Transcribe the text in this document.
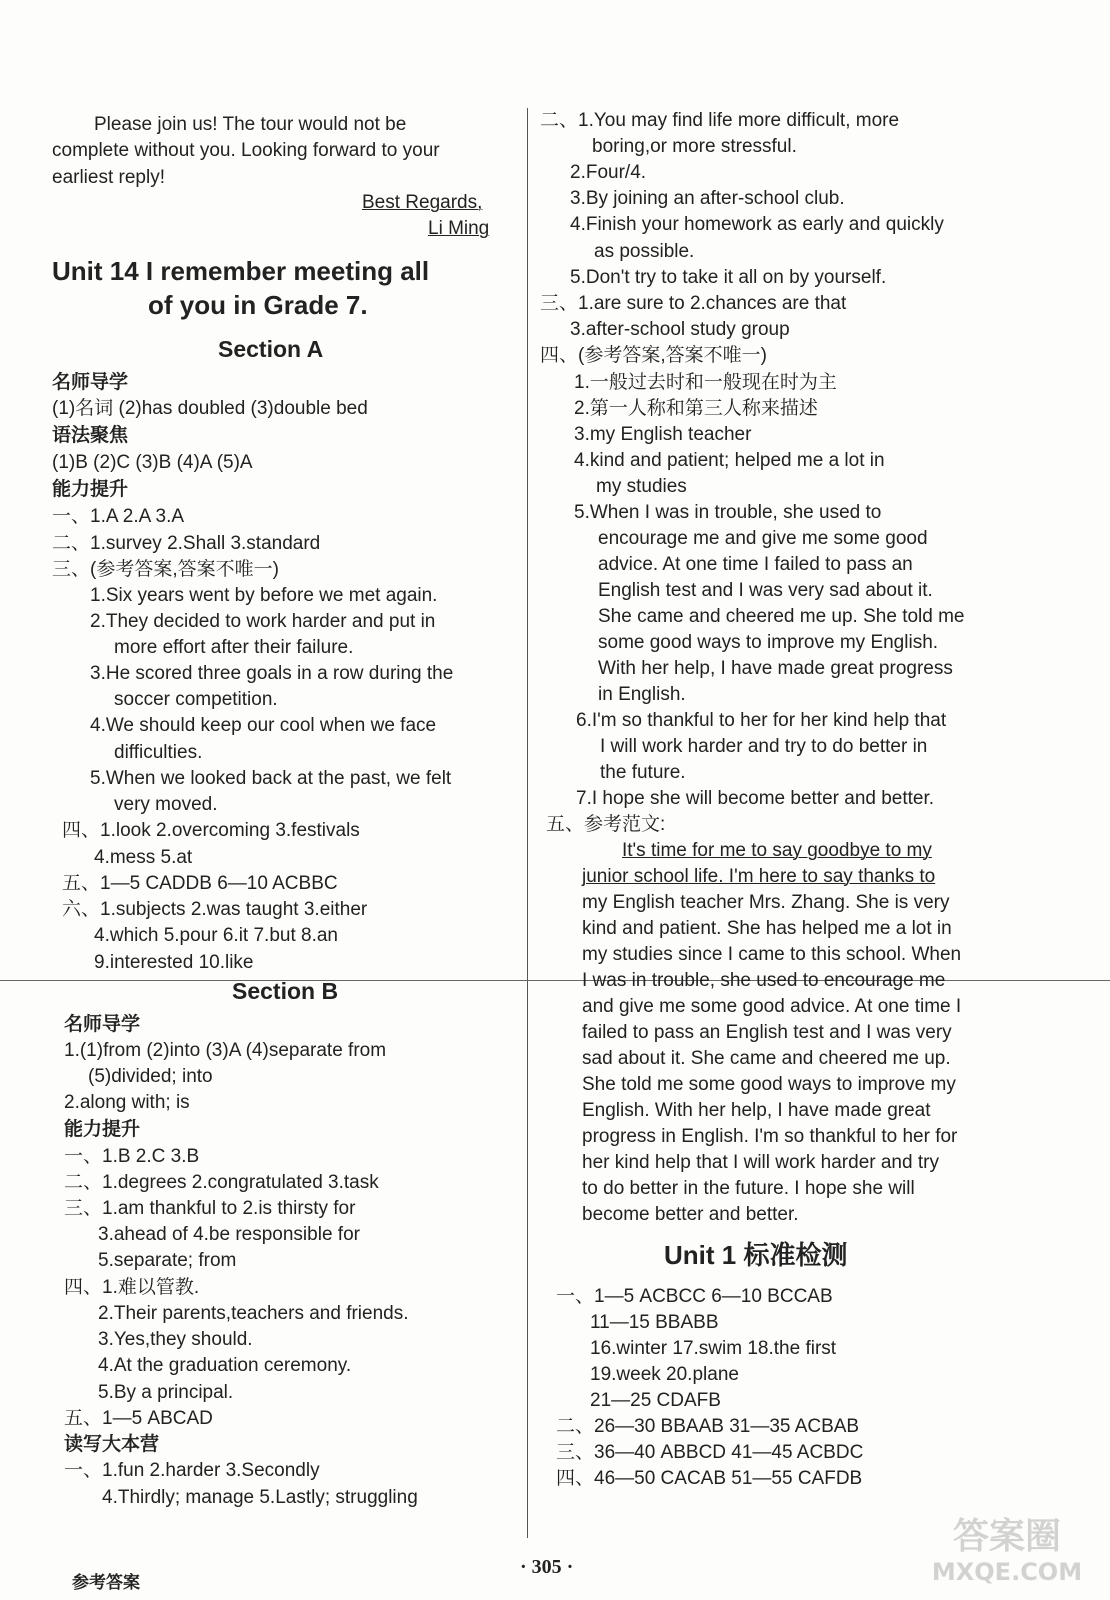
Please join us! The tour would not be
complete without you. Looking forward to your
earliest reply!
Best Regards,
Li Ming
Unit 14 I remember meeting all
of you in Grade 7.
Section A
名师导学
(1)名词 (2)has doubled (3)double bed
语法聚焦
(1)B (2)C (3)B (4)A (5)A
能力提升
一、1.A 2.A 3.A
二、1.survey 2.Shall 3.standard
三、(参考答案,答案不唯一)
1.Six years went by before we met again.
2.They decided to work harder and put in
more effort after their failure.
3.He scored three goals in a row during the
soccer competition.
4.We should keep our cool when we face
difficulties.
5.When we looked back at the past, we felt
very moved.
四、1.look 2.overcoming 3.festivals
4.mess 5.at
五、1—5 CADDB 6—10 ACBBC
六、1.subjects 2.was taught 3.either
4.which 5.pour 6.it 7.but 8.an
9.interested 10.like
Section B
名师导学
1.(1)from (2)into (3)A (4)separate from
(5)divided; into
2.along with; is
能力提升
一、1.B 2.C 3.B
二、1.degrees 2.congratulated 3.task
三、1.am thankful to 2.is thirsty for
3.ahead of 4.be responsible for
5.separate; from
四、1.难以管教.
2.Their parents,teachers and friends.
3.Yes,they should.
4.At the graduation ceremony.
5.By a principal.
五、1—5 ABCAD
读写大本营
一、1.fun 2.harder 3.Secondly
4.Thirdly; manage 5.Lastly; struggling
二、1.You may find life more difficult, more
boring,or more stressful.
2.Four/4.
3.By joining an after-school club.
4.Finish your homework as early and quickly
as possible.
5.Don't try to take it all on by yourself.
三、1.are sure to 2.chances are that
3.after-school study group
四、(参考答案,答案不唯一)
1.一般过去时和一般现在时为主
2.第一人称和第三人称来描述
3.my English teacher
4.kind and patient; helped me a lot in
my studies
5.When I was in trouble, she used to
encourage me and give me some good
advice. At one time I failed to pass an
English test and I was very sad about it.
She came and cheered me up. She told me
some good ways to improve my English.
With her help, I have made great progress
in English.
6.I'm so thankful to her for her kind help that
I will work harder and try to do better in
the future.
7.I hope she will become better and better.
五、参考范文:
It's time for me to say goodbye to my
junior school life. I'm here to say thanks to
my English teacher Mrs. Zhang. She is very
kind and patient. She has helped me a lot in
my studies since I came to this school. When
I was in trouble, she used to encourage me
and give me some good advice. At one time I
failed to pass an English test and I was very
sad about it. She came and cheered me up.
She told me some good ways to improve my
English. With her help, I have made great
progress in English. I'm so thankful to her for
her kind help that I will work harder and try
to do better in the future. I hope she will
become better and better.
Unit 1 标准检测
一、1—5 ACBCC 6—10 BCCAB
11—15 BBABB
16.winter 17.swim 18.the first
19.week 20.plane
21—25 CDAFB
二、26—30 BBAAB 31—35 ACBAB
三、36—40 ABBCD 41—45 ACBDC
四、46—50 CACAB 51—55 CAFDB
参考答案
· 305 ·
答案圈
MXQE.COM
